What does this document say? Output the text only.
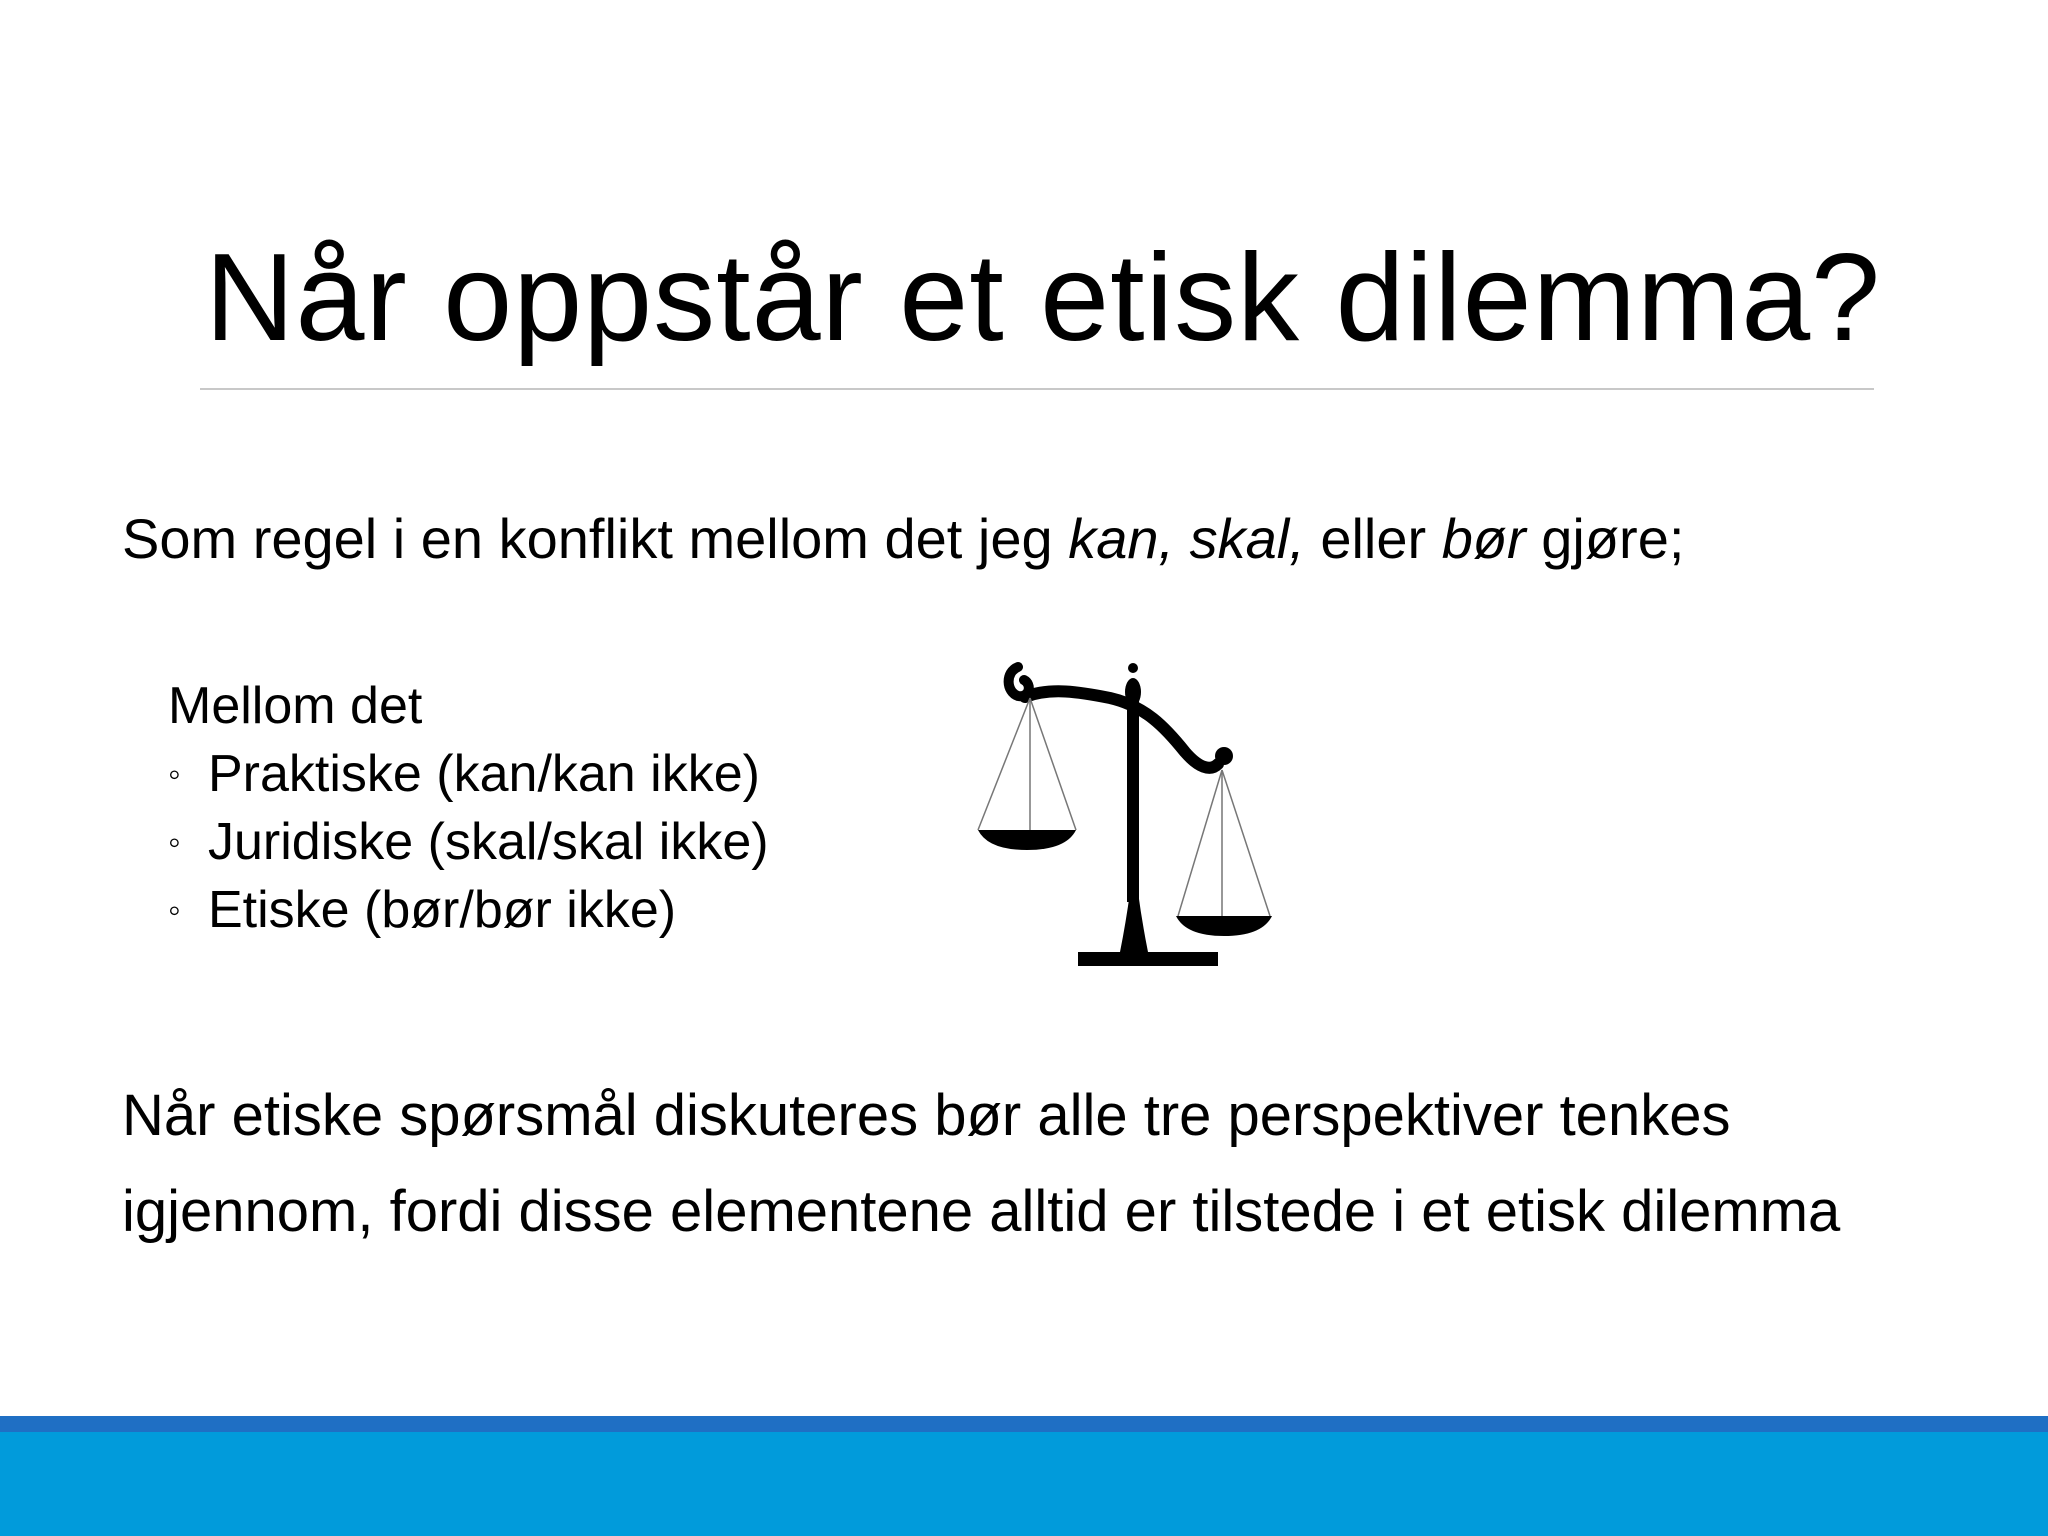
Når oppstår et etisk dilemma?
Som regel i en konflikt mellom det jeg kan, skal, eller bør gjøre;
Mellom det
◦ Praktiske (kan/kan ikke)
◦ Juridiske (skal/skal ikke)
◦ Etiske (bør/bør ikke)
Når etiske spørsmål diskuteres bør alle tre perspektiver tenkes igjennom, fordi disse elementene alltid er tilstede i et etisk dilemma
